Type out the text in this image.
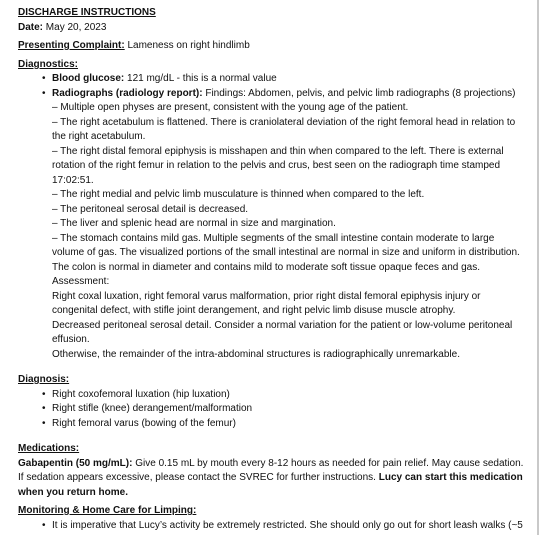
DISCHARGE INSTRUCTIONS
Date: May 20, 2023
Presenting Complaint: Lameness on right hindlimb
Diagnostics:
• Blood glucose: 121 mg/dL - this is a normal value
• Radiographs (radiology report): Findings: Abdomen, pelvis, and pelvic limb radiographs (8 projections)
– Multiple open physes are present, consistent with the young age of the patient.
– The right acetabulum is flattened. There is craniolateral deviation of the right femoral head in relation to the right acetabulum.
– The right distal femoral epiphysis is misshapen and thin when compared to the left. There is external rotation of the right femur in relation to the pelvis and crus, best seen on the radiograph time stamped 17:02:51.
– The right medial and pelvic limb musculature is thinned when compared to the left.
– The peritoneal serosal detail is decreased.
– The liver and splenic head are normal in size and margination.
– The stomach contains mild gas. Multiple segments of the small intestine contain moderate to large volume of gas. The visualized portions of the small intestinal are normal in size and uniform in distribution. The colon is normal in diameter and contains mild to moderate soft tissue opaque feces and gas.
Assessment:
Right coxal luxation, right femoral varus malformation, prior right distal femoral epiphysis injury or congenital defect, with stifle joint derangement, and right pelvic limb disuse muscle atrophy.
Decreased peritoneal serosal detail. Consider a normal variation for the patient or low-volume peritoneal effusion.
Otherwise, the remainder of the intra-abdominal structures is radiographically unremarkable.
Diagnosis:
• Right coxofemoral luxation (hip luxation)
• Right stifle (knee) derangement/malformation
• Right femoral varus (bowing of the femur)
Medications:
Gabapentin (50 mg/mL): Give 0.15 mL by mouth every 8-12 hours as needed for pain relief. May cause sedation. If sedation appears excessive, please contact the SVREC for further instructions. Lucy can start this medication when you return home.
Monitoring & Home Care for Limping:
• It is imperative that Lucy’s activity be extremely restricted. She should only go out for short leash walks (~5
